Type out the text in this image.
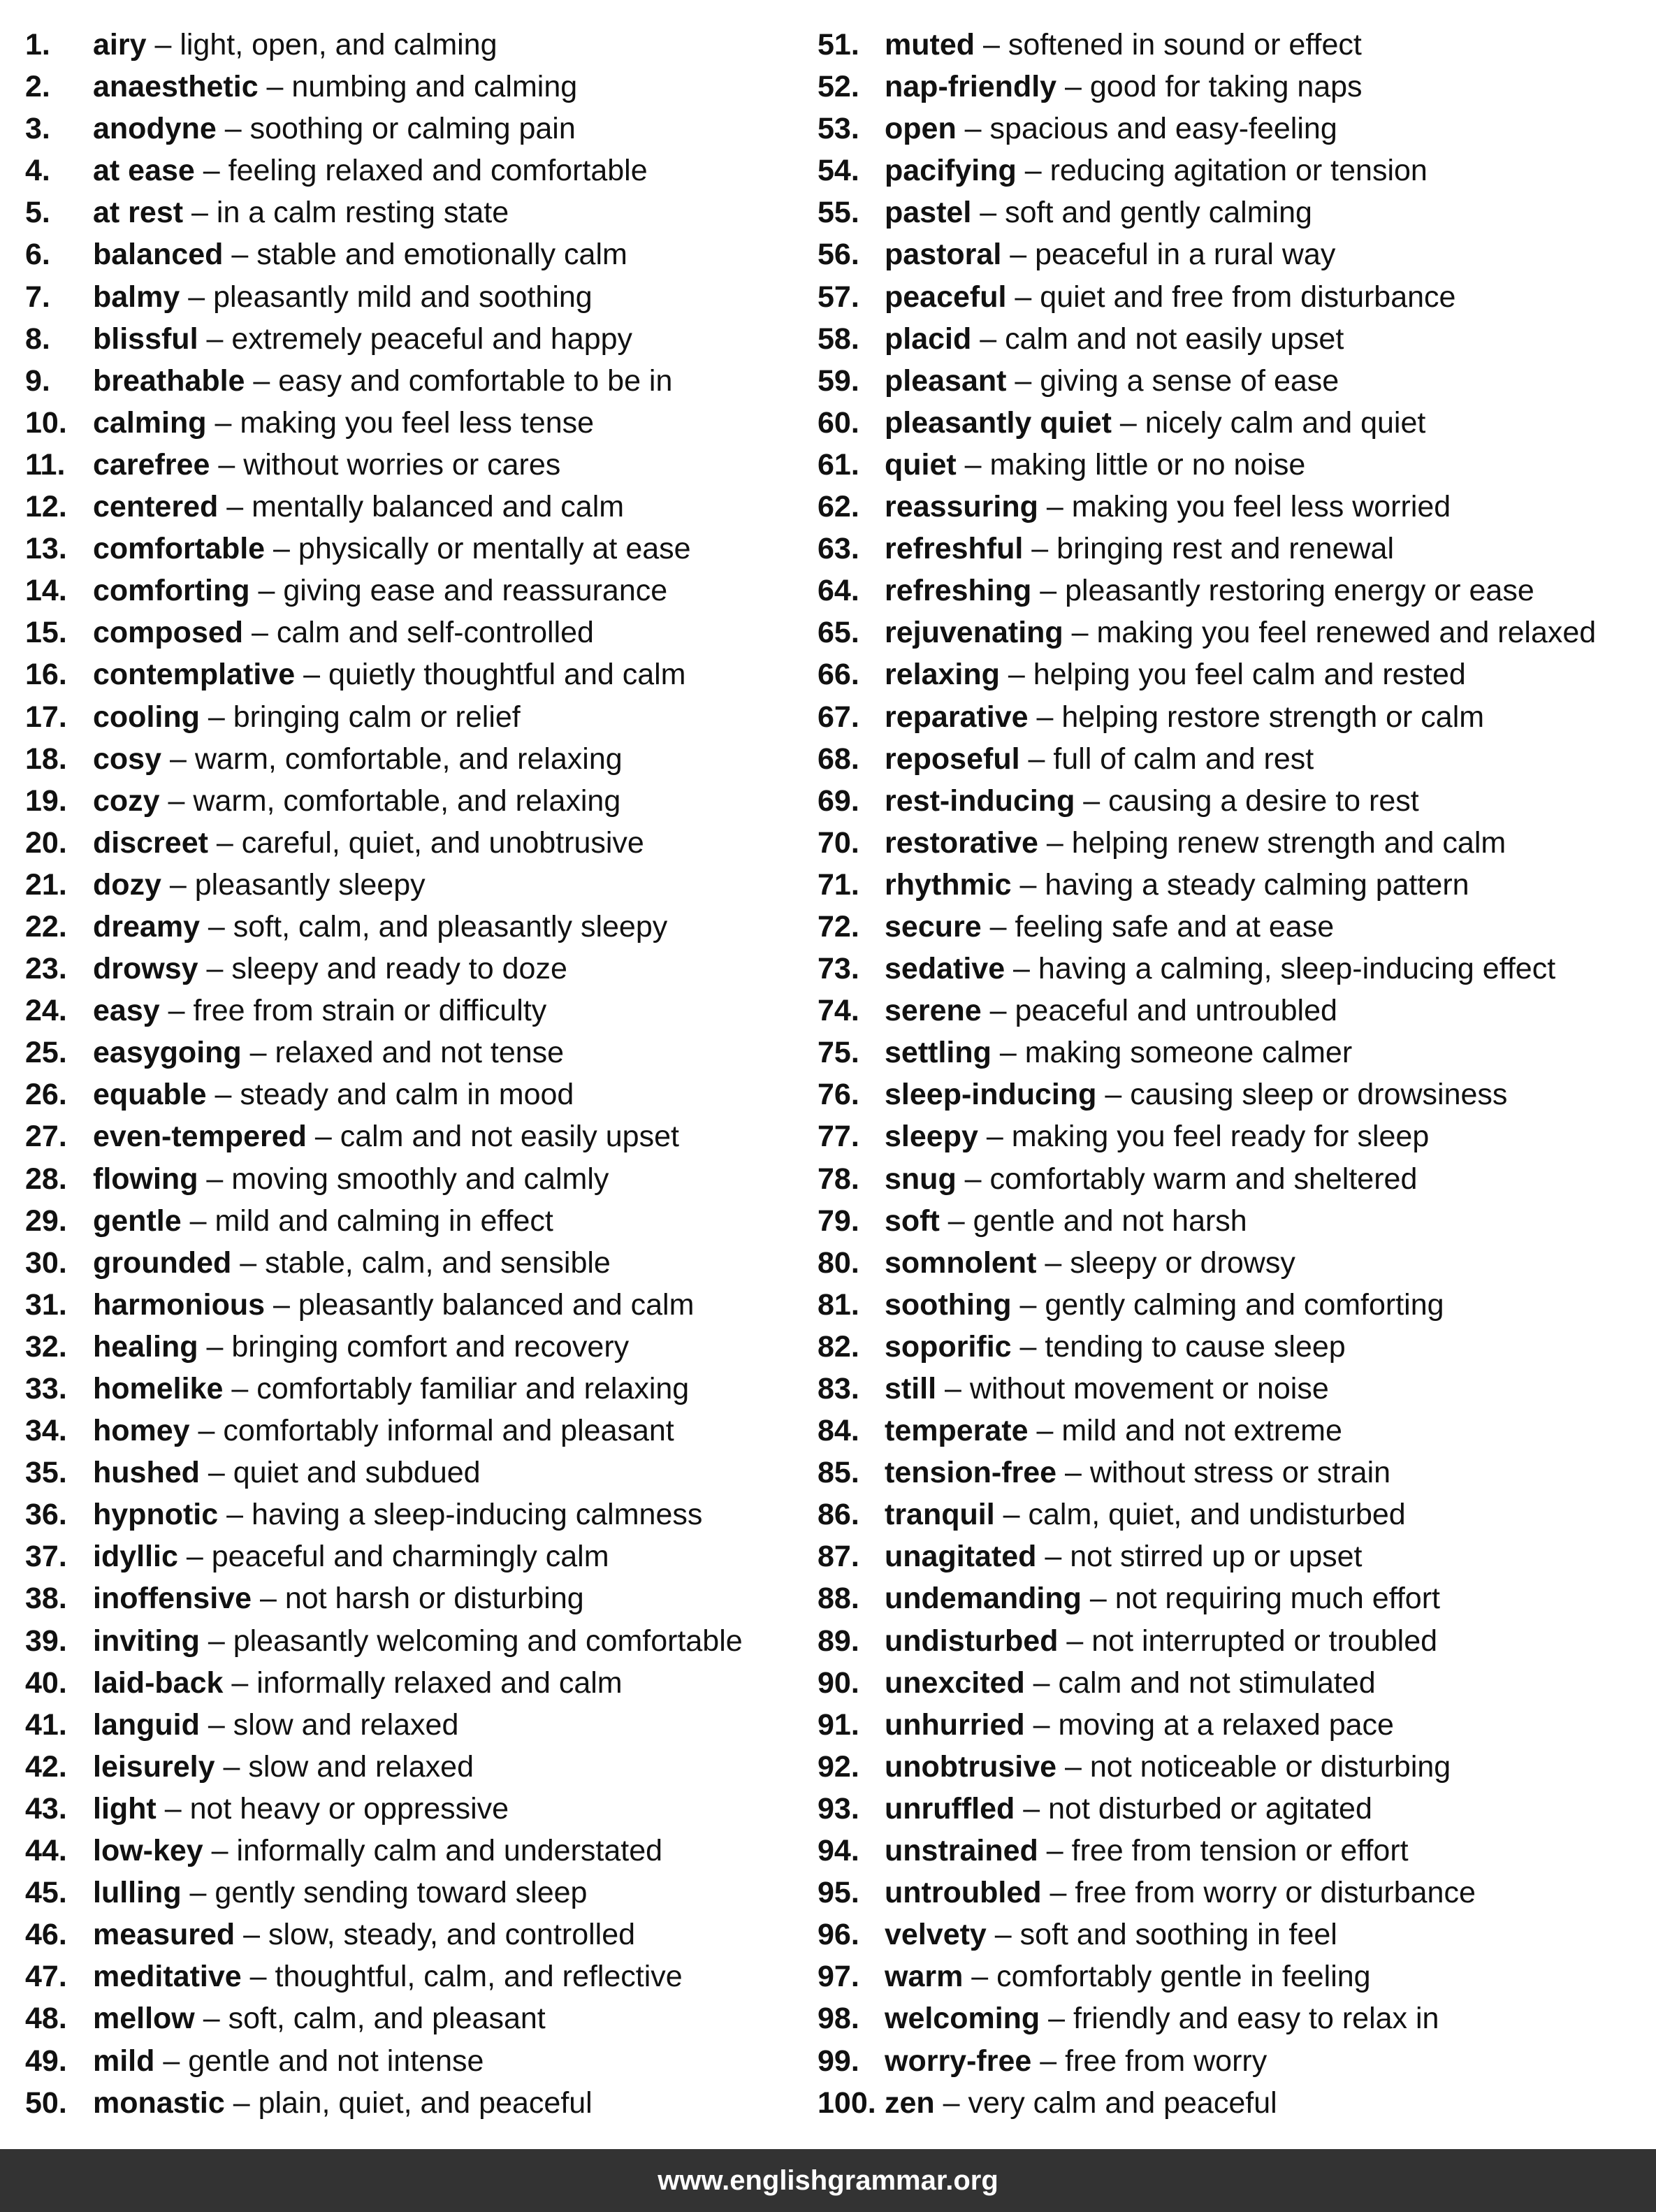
1. airy – light, open, and calming
2. anaesthetic – numbing and calming
3. anodyne – soothing or calming pain
4. at ease – feeling relaxed and comfortable
5. at rest – in a calm resting state
6. balanced – stable and emotionally calm
7. balmy – pleasantly mild and soothing
8. blissful – extremely peaceful and happy
9. breathable – easy and comfortable to be in
10. calming – making you feel less tense
11. carefree – without worries or cares
12. centered – mentally balanced and calm
13. comfortable – physically or mentally at ease
14. comforting – giving ease and reassurance
15. composed – calm and self-controlled
16. contemplative – quietly thoughtful and calm
17. cooling – bringing calm or relief
18. cosy – warm, comfortable, and relaxing
19. cozy – warm, comfortable, and relaxing
20. discreet – careful, quiet, and unobtrusive
21. dozy – pleasantly sleepy
22. dreamy – soft, calm, and pleasantly sleepy
23. drowsy – sleepy and ready to doze
24. easy – free from strain or difficulty
25. easygoing – relaxed and not tense
26. equable – steady and calm in mood
27. even-tempered – calm and not easily upset
28. flowing – moving smoothly and calmly
29. gentle – mild and calming in effect
30. grounded – stable, calm, and sensible
31. harmonious – pleasantly balanced and calm
32. healing – bringing comfort and recovery
33. homelike – comfortably familiar and relaxing
34. homey – comfortably informal and pleasant
35. hushed – quiet and subdued
36. hypnotic – having a sleep-inducing calmness
37. idyllic – peaceful and charmingly calm
38. inoffensive – not harsh or disturbing
39. inviting – pleasantly welcoming and comfortable
40. laid-back – informally relaxed and calm
41. languid – slow and relaxed
42. leisurely – slow and relaxed
43. light – not heavy or oppressive
44. low-key – informally calm and understated
45. lulling – gently sending toward sleep
46. measured – slow, steady, and controlled
47. meditative – thoughtful, calm, and reflective
48. mellow – soft, calm, and pleasant
49. mild – gentle and not intense
50. monastic – plain, quiet, and peaceful
51. muted – softened in sound or effect
52. nap-friendly – good for taking naps
53. open – spacious and easy-feeling
54. pacifying – reducing agitation or tension
55. pastel – soft and gently calming
56. pastoral – peaceful in a rural way
57. peaceful – quiet and free from disturbance
58. placid – calm and not easily upset
59. pleasant – giving a sense of ease
60. pleasantly quiet – nicely calm and quiet
61. quiet – making little or no noise
62. reassuring – making you feel less worried
63. refreshful – bringing rest and renewal
64. refreshing – pleasantly restoring energy or ease
65. rejuvenating – making you feel renewed and relaxed
66. relaxing – helping you feel calm and rested
67. reparative – helping restore strength or calm
68. reposeful – full of calm and rest
69. rest-inducing – causing a desire to rest
70. restorative – helping renew strength and calm
71. rhythmic – having a steady calming pattern
72. secure – feeling safe and at ease
73. sedative – having a calming, sleep-inducing effect
74. serene – peaceful and untroubled
75. settling – making someone calmer
76. sleep-inducing – causing sleep or drowsiness
77. sleepy – making you feel ready for sleep
78. snug – comfortably warm and sheltered
79. soft – gentle and not harsh
80. somnolent – sleepy or drowsy
81. soothing – gently calming and comforting
82. soporific – tending to cause sleep
83. still – without movement or noise
84. temperate – mild and not extreme
85. tension-free – without stress or strain
86. tranquil – calm, quiet, and undisturbed
87. unagitated – not stirred up or upset
88. undemanding – not requiring much effort
89. undisturbed – not interrupted or troubled
90. unexcited – calm and not stimulated
91. unhurried – moving at a relaxed pace
92. unobtrusive – not noticeable or disturbing
93. unruffled – not disturbed or agitated
94. unstrained – free from tension or effort
95. untroubled – free from worry or disturbance
96. velvety – soft and soothing in feel
97. warm – comfortably gentle in feeling
98. welcoming – friendly and easy to relax in
99. worry-free – free from worry
100. zen – very calm and peaceful
www.englishgrammar.org
